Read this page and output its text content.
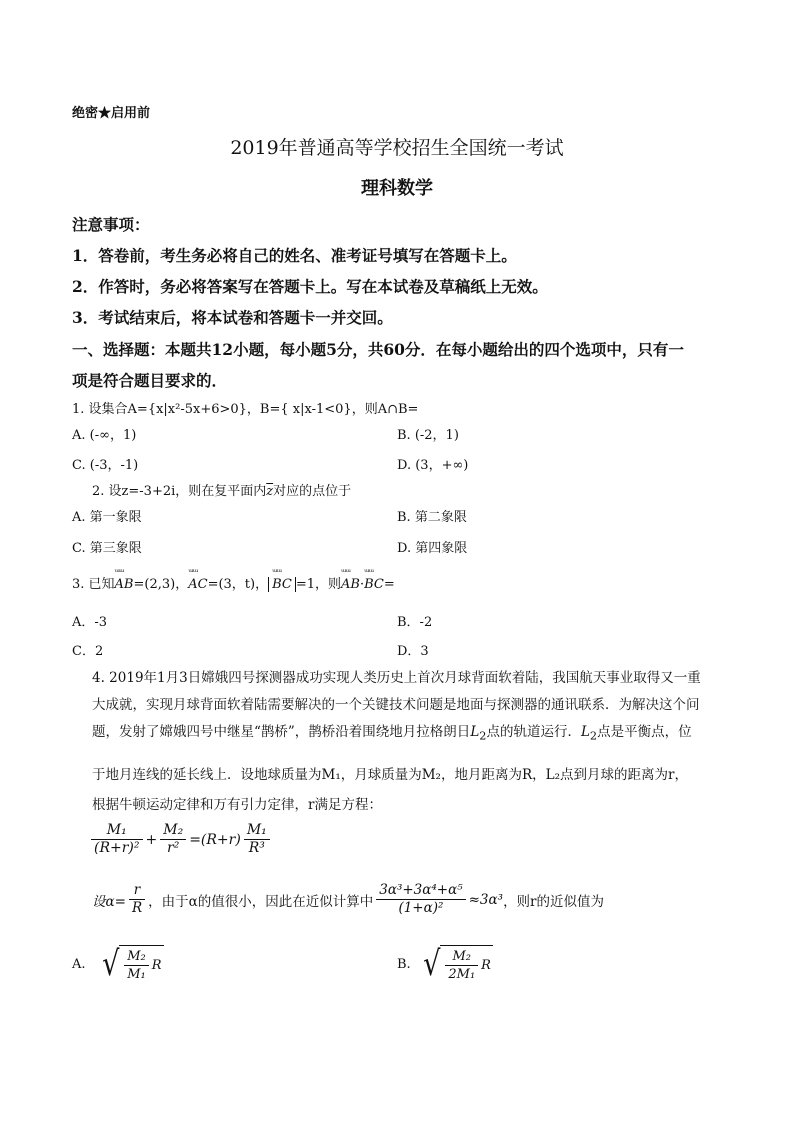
绝密★启用前
2019年普通高等学校招生全国统一考试
理科数学
注意事项：
1．答卷前，考生务必将自己的姓名、准考证号填写在答题卡上。
2．作答时，务必将答案写在答题卡上。写在本试卷及草稿纸上无效。
3．考试结束后，将本试卷和答题卡一并交回。
一、选择题：本题共12小题，每小题5分，共60分．在每小题给出的四个选项中，只有一
项是符合题目要求的．
1. 设集合A={x|x²-5x+6>0}，B={ x|x-1<0}，则A∩B=
A. (-∞，1)	B. (-2，1)
C. (-3，-1)	D. (3，+∞)
2. 设z=-3+2i，则在复平面内$\overline{z}$对应的点位于
A. 第一象限	B. 第二象限
C. 第三象限	D. 第四象限
3. 已知ᵚᵚ AB=(2,3)，ᵚᵚ AC=(3，t)， ᵚᵚ BC =1，则ᵚᵚ AB·ᵚᵚ BC=
A．-3	B．-2
C．2	D．3
4. 2019年1月3日嫦娥四号探测器成功实现人类历史上首次月球背面软着陆，我国航天事业取得又一重
大成就，实现月球背面软着陆需要解决的一个关键技术问题是地面与探测器的通讯联系．为解决这个问
题，发射了嫦娥四号中继星“鹊桥”，鹊桥沿着围绕地月拉格朗日$L_2$点的轨道运行．$L_2$点是平衡点，位
于地月连线的延长线上．设地球质量为M₁，月球质量为M₂，地月距离为R，L₂点到月球的距离为r，
根据牛顿运动定律和万有引力定律，r满足方程：
$\frac{\text{M₁}}{\text{(R+r)²}} + \frac{\text{M₂}}{\text{r²}} =(R+r) \frac{\text{M₁}}{\text{R³}}$
设$\alpha= \frac{r}{R}$ ，由于α的值很小，因此在近似计算中 $\frac{\text{3α³+3α⁴+α⁵}}{\text{(1+α)²}} \approx 3\alpha^3$ ，则r的近似值为
A. √ $\frac{\text{M₂}}{\text{M₁}}$ R	B. √ $\frac{\text{M₂}}{\text{2M₁}}$ R
